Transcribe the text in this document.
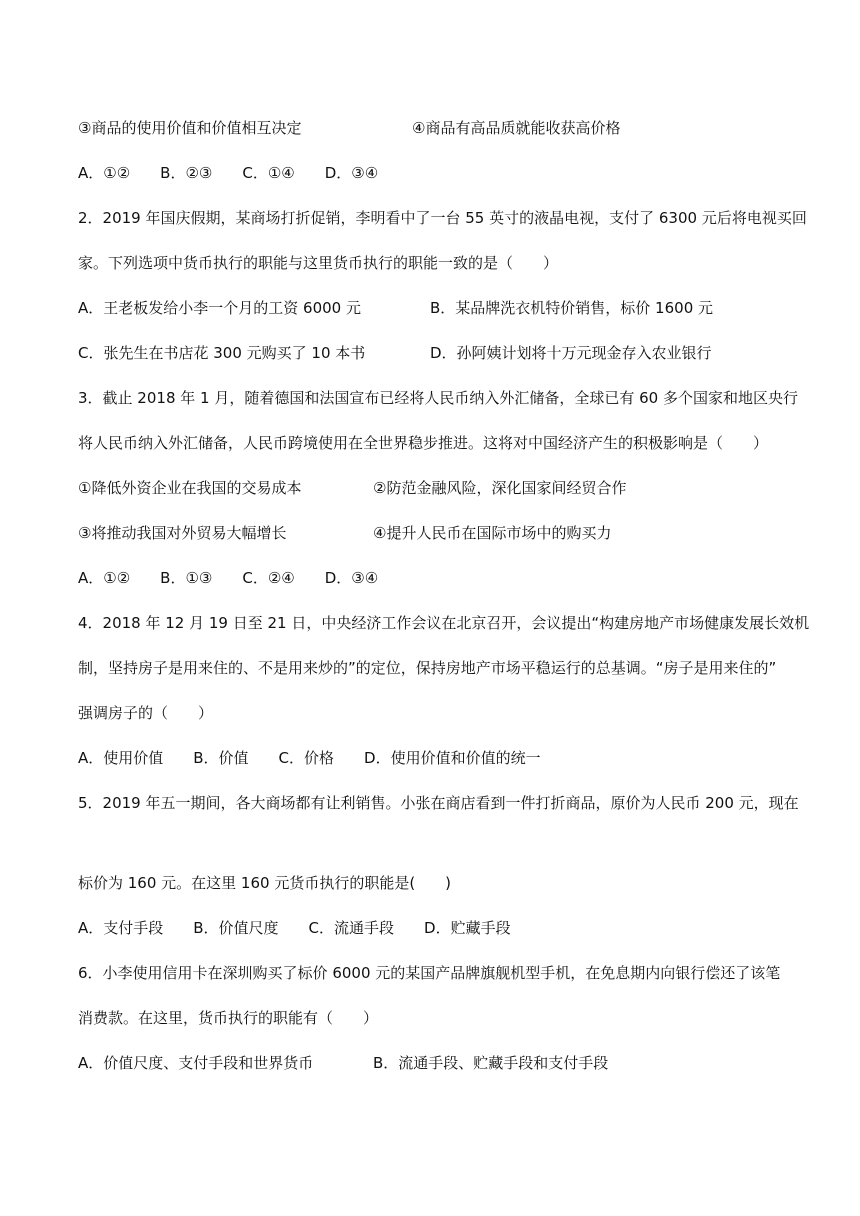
③商品的使用价值和价值相互决定	④商品有高品质就能收获高价格
A．①②　　B．②③　　C．①④　　D．③④
2．2019 年国庆假期，某商场打折促销，李明看中了一台 55 英寸的液晶电视，支付了 6300 元后将电视买回
家。下列选项中货币执行的职能与这里货币执行的职能一致的是（　　）
A．王老板发给小李一个月的工资 6000 元	B．某品牌洗衣机特价销售，标价 1600 元
C．张先生在书店花 300 元购买了 10 本书	D．孙阿姨计划将十万元现金存入农业银行
3．截止 2018 年 1 月，随着德国和法国宣布已经将人民币纳入外汇储备，全球已有 60 多个国家和地区央行
将人民币纳入外汇储备，人民币跨境使用在全世界稳步推进。这将对中国经济产生的积极影响是（　　）
①降低外资企业在我国的交易成本	②防范金融风险，深化国家间经贸合作
③将推动我国对外贸易大幅增长	④提升人民币在国际市场中的购买力
A．①②　　B．①③　　C．②④　　D．③④
4．2018 年 12 月 19 日至 21 日，中央经济工作会议在北京召开，会议提出“构建房地产市场健康发展长效机
制，坚持房子是用来住的、不是用来炒的”的定位，保持房地产市场平稳运行的总基调。“房子是用来住的”
强调房子的（　　）
A．使用价值　　B．价值　　C．价格　　D．使用价值和价值的统一
5．2019 年五一期间，各大商场都有让利销售。小张在商店看到一件打折商品，原价为人民币 200 元，现在
标价为 160 元。在这里 160 元货币执行的职能是(　　)
A．支付手段　　B．价值尺度　　C．流通手段　　D．贮藏手段
6．小李使用信用卡在深圳购买了标价 6000 元的某国产品牌旗舰机型手机，在免息期内向银行偿还了该笔
消费款。在这里，货币执行的职能有（　　）
A．价值尺度、支付手段和世界货币	B．流通手段、贮藏手段和支付手段
